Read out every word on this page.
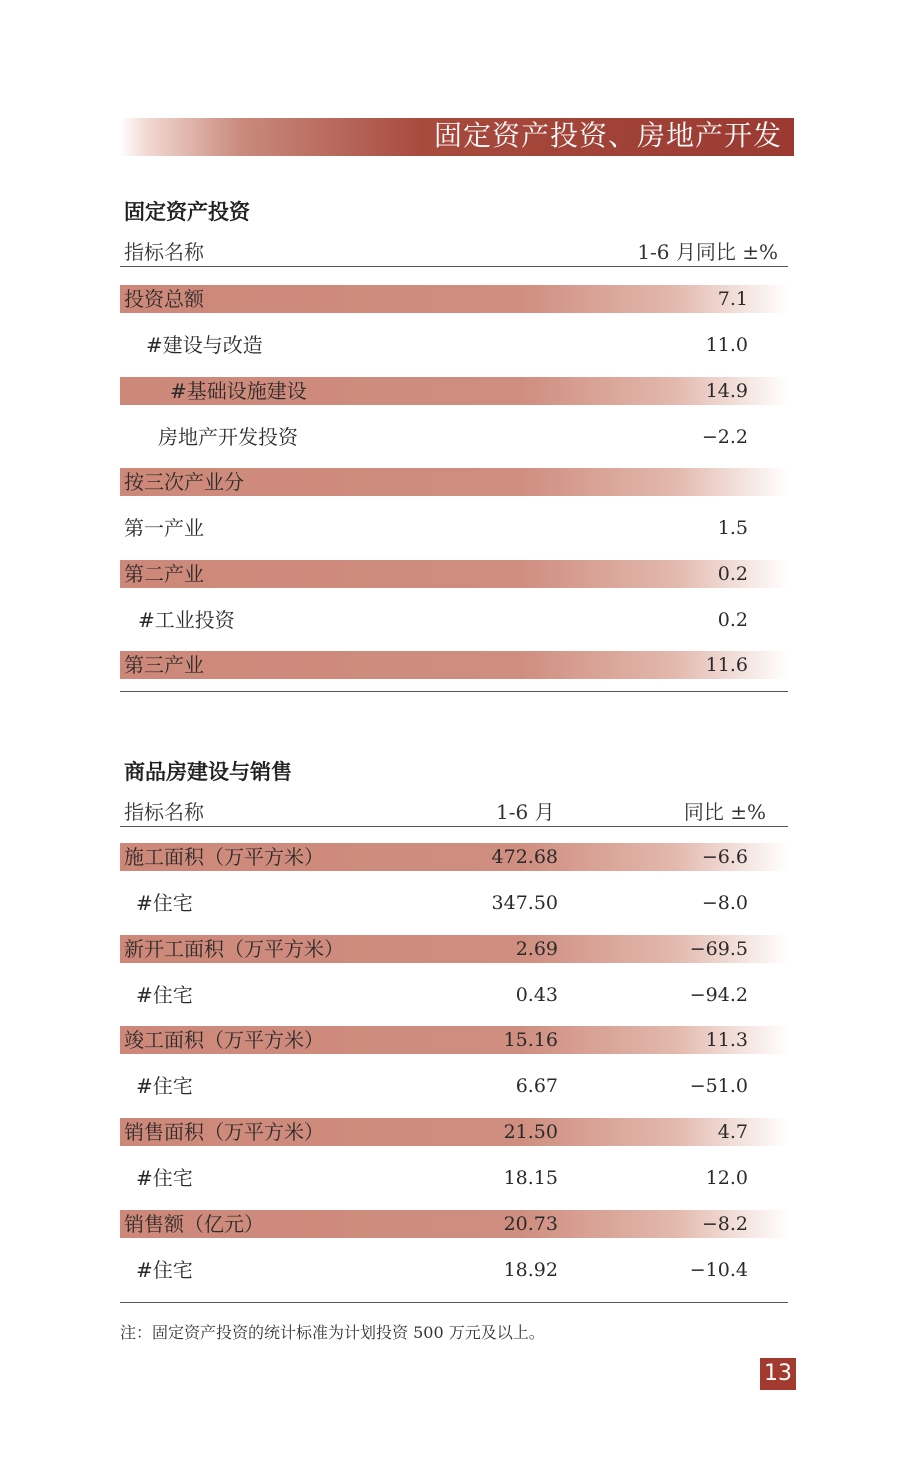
固定资产投资、房地产开发
固定资产投资
指标名称	1-6 月同比 ±%
投资总额	7.1
#建设与改造	11.0
#基础设施建设	14.9
房地产开发投资	−2.2
按三次产业分
第一产业	1.5
第二产业	0.2
#工业投资	0.2
第三产业	11.6
商品房建设与销售
指标名称	1-6 月	同比 ±%
施工面积（万平方米）	472.68	−6.6
#住宅	347.50	−8.0
新开工面积（万平方米）	2.69	−69.5
#住宅	0.43	−94.2
竣工面积（万平方米）	15.16	11.3
#住宅	6.67	−51.0
销售面积（万平方米）	21.50	4.7
#住宅	18.15	12.0
销售额（亿元）	20.73	−8.2
#住宅	18.92	−10.4
注：固定资产投资的统计标准为计划投资 500 万元及以上。
13
